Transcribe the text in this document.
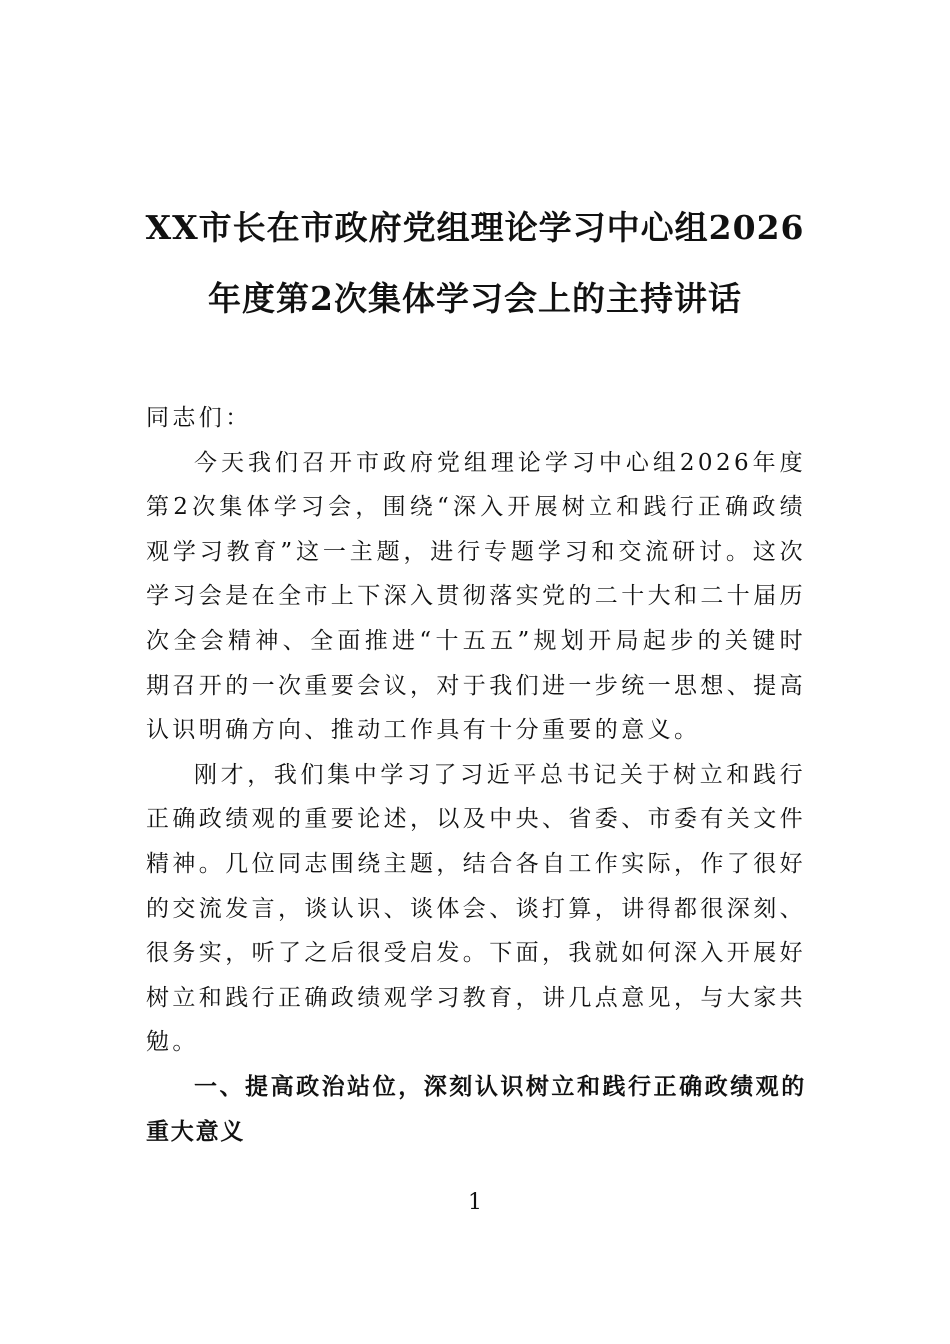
XX市长在市政府党组理论学习中心组2026
年度第2次集体学习会上的主持讲话

同志们：

今天我们召开市政府党组理论学习中心组2026年度第2次集体学习会，围绕“深入开展树立和践行正确政绩观学习教育”这一主题，进行专题学习和交流研讨。这次学习会是在全市上下深入贯彻落实党的二十大和二十届历次全会精神、全面推进“十五五”规划开局起步的关键时期召开的一次重要会议，对于我们进一步统一思想、提高认识明确方向、推动工作具有十分重要的意义。

刚才，我们集中学习了习近平总书记关于树立和践行正确政绩观的重要论述，以及中央、省委、市委有关文件精神。几位同志围绕主题，结合各自工作实际，作了很好的交流发言，谈认识、谈体会、谈打算，讲得都很深刻、很务实，听了之后很受启发。下面，我就如何深入开展好树立和践行正确政绩观学习教育，讲几点意见，与大家共勉。

一、提高政治站位，深刻认识树立和践行正确政绩观的重大意义

1
